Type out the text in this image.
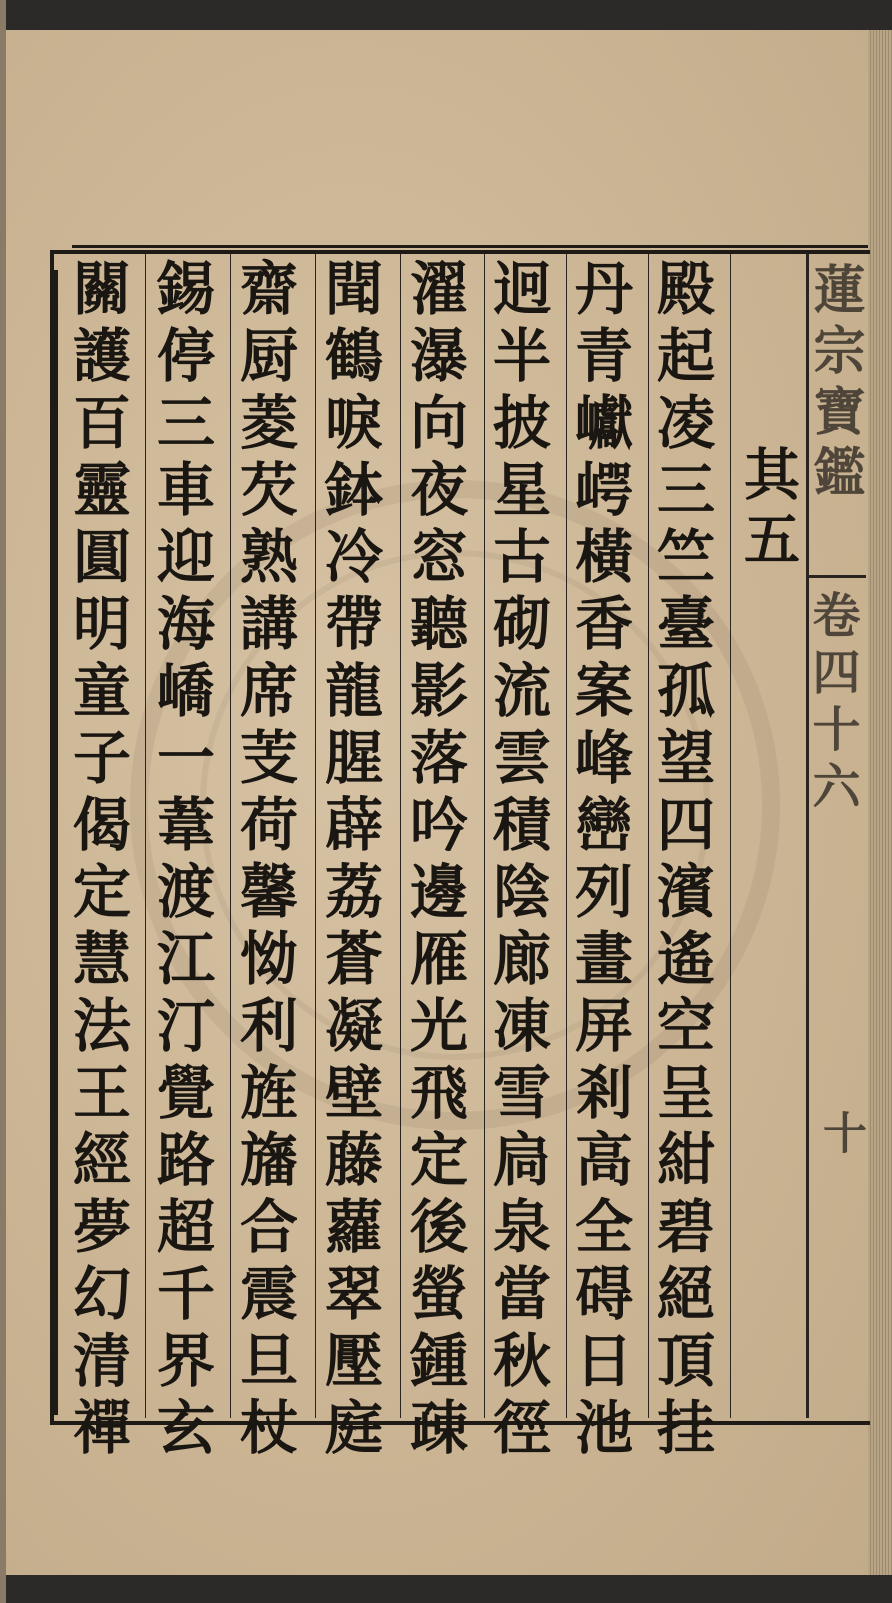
蓮宗寶鑑
卷四十六
十
其五
殿起凌三竺臺孤望四濱遙空呈紺碧絕頂挂
丹青巘崿橫香案峰巒列畫屏剎高全碍日池
迥半披星古砌流雲積陰廊凍雪扃泉當秋徑
濯瀑向夜窓聽影落吟邊雁光飛定後螢鍾疎
聞鶴唳鉢冷帶龍腥薜荔蒼凝壁藤蘿翠壓庭
齋厨菱芡熟講席芰荷馨怮利旌旛合震旦杖
錫停三車迎海嶠一葦渡江汀覺路超千界玄
關護百靈圓明童子偈定慧法王經夢幻清禪
